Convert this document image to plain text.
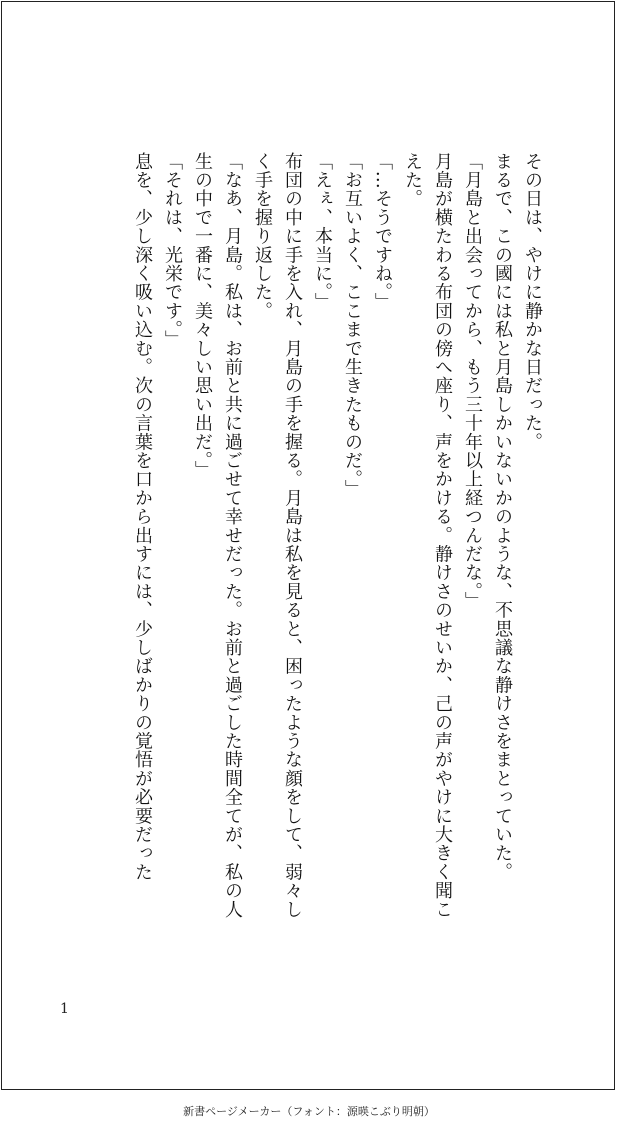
その日は、やけに静かな日だった。

まるで、この國には私と月島しかいないかのような、不思議な静けさをまとっていた。

「月島と出会ってから、もう三十年以上経つんだな。」

月島が横たわる布団の傍へ座り、声をかける。静けさのせいか、己の声がやけに大きく聞こえた。

「…そうですね。」

「お互いよく、ここまで生きたものだ。」

「えぇ、本当に。」

布団の中に手を入れ、月島の手を握る。月島は私を見ると、困ったような顔をして、弱々しく手を握り返した。

「なあ、月島。私は、お前と共に過ごせて幸せだった。お前と過ごした時間全てが、私の人生の中で一番に、美々しい思い出だ。」

「それは、光栄です。」

息を、少し深く吸い込む。次の言葉を口から出すには、少しばかりの覚悟が必要だった

1
新書ページメーカー（フォント：源暎こぶり明朝）
